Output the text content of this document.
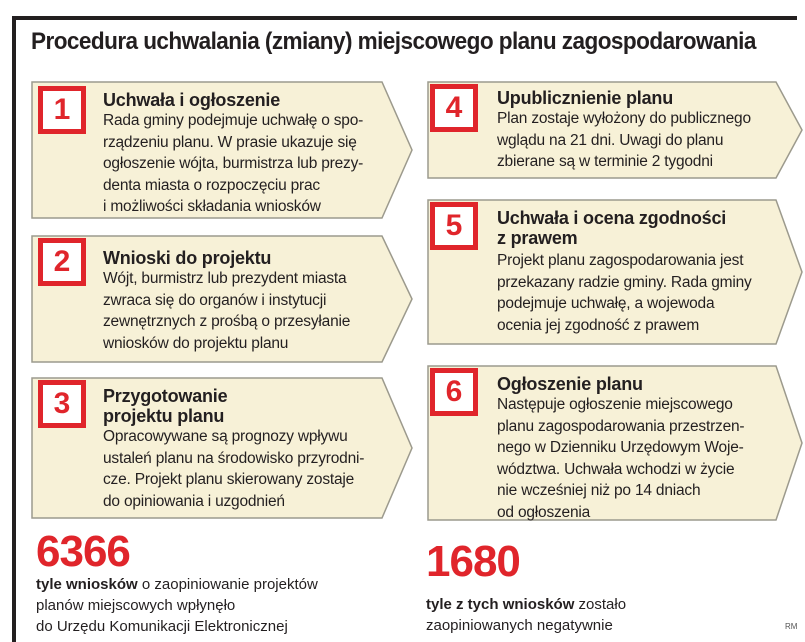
Procedura uchwalania (zmiany) miejscowego planu zagospodarowania
1	Uchwała i ogłoszenie

Rada gminy podejmuje uchwałę o spo-
rządzeniu planu. W prasie ukazuje się
ogłoszenie wójta, burmistrza lub prezy-
denta miasta o rozpoczęciu prac
i możliwości składania wniosków

2	Wnioski do projektu

Wójt, burmistrz lub prezydent miasta
zwraca się do organów i instytucji
zewnętrznych z prośbą o przesyłanie
wniosków do projektu planu

3	Przygotowanie
projektu planu

Opracowywane są prognozy wpływu
ustaleń planu na środowisko przyrodni-
cze. Projekt planu skierowany zostaje
do opiniowania i uzgodnień

4	Upublicznienie planu

Plan zostaje wyłożony do publicznego
wglądu na 21 dni. Uwagi do planu
zbierane są w terminie 2 tygodni

5	Uchwała i ocena zgodności
z prawem

Projekt planu zagospodarowania jest
przekazany radzie gminy. Rada gminy
podejmuje uchwałę, a wojewoda
ocenia jej zgodność z prawem

6	Ogłoszenie planu

Następuje ogłoszenie miejscowego
planu zagospodarowania przestrzen-
nego w Dzienniku Urzędowym Woje-
wództwa. Uchwała wchodzi w życie
nie wcześniej niż po 14 dniach
od ogłoszenia

6366
tyle wniosków o zaopiniowanie projektów
planów miejscowych wpłynęło
do Urzędu Komunikacji Elektronicznej
1680
tyle z tych wniosków zostało
zaopiniowanych negatywnie	RM
